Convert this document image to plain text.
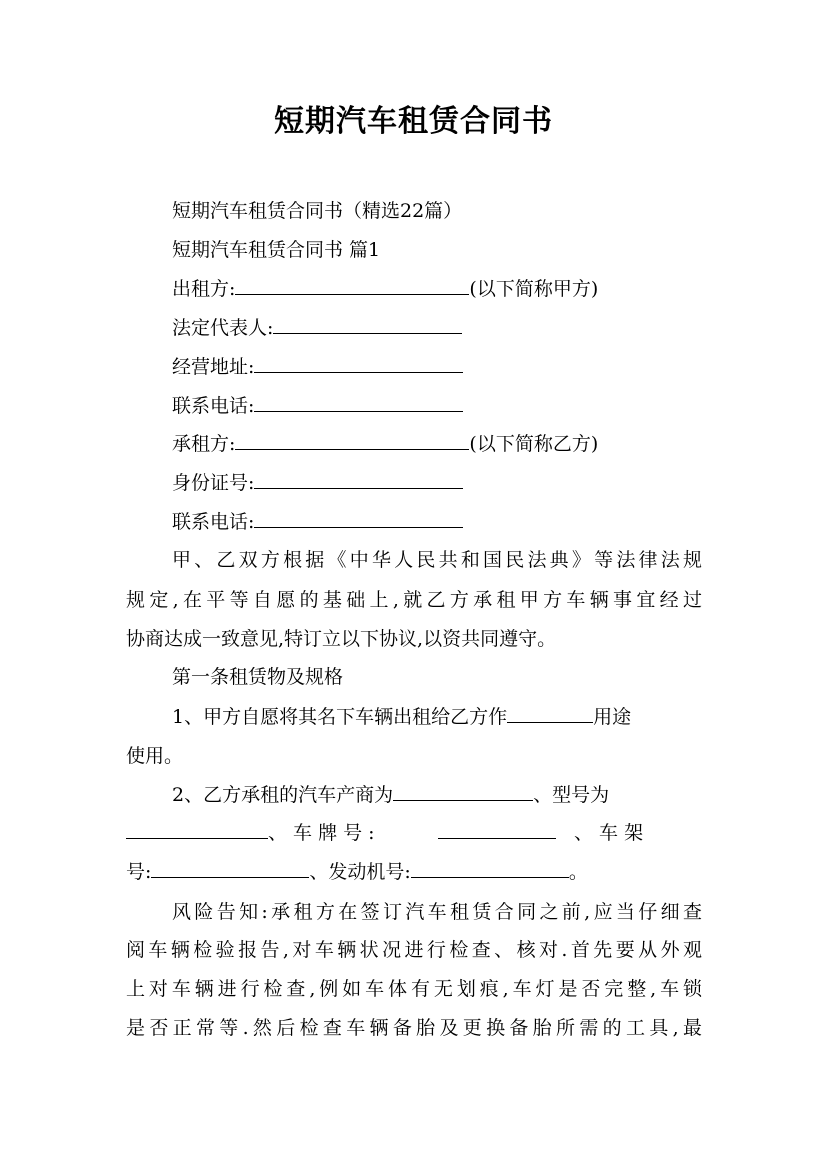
短期汽车租赁合同书
短期汽车租赁合同书（精选22篇）
短期汽车租赁合同书 篇1
出租方:	(以下简称甲方)
法定代表人:
经营地址:
联系电话:
承租方:	(以下简称乙方)
身份证号:
联系电话:
甲、乙双方根据《中华人民共和国民法典》等法律法规
规定,在平等自愿的基础上,就乙方承租甲方车辆事宜经过
协商达成一致意见,特订立以下协议,以资共同遵守。
第一条租赁物及规格
1、甲方自愿将其名下车辆出租给乙方作	用途
使用。
2、乙方承租的汽车产商为	、型号为
、 车 牌 号 :	、 车 架
号:	、发动机号:	。
风险告知:承租方在签订汽车租赁合同之前,应当仔细查
阅车辆检验报告,对车辆状况进行检查、核对.首先要从外观
上对车辆进行检查,例如车体有无划痕,车灯是否完整,车锁
是否正常等.然后检查车辆备胎及更换备胎所需的工具,最
